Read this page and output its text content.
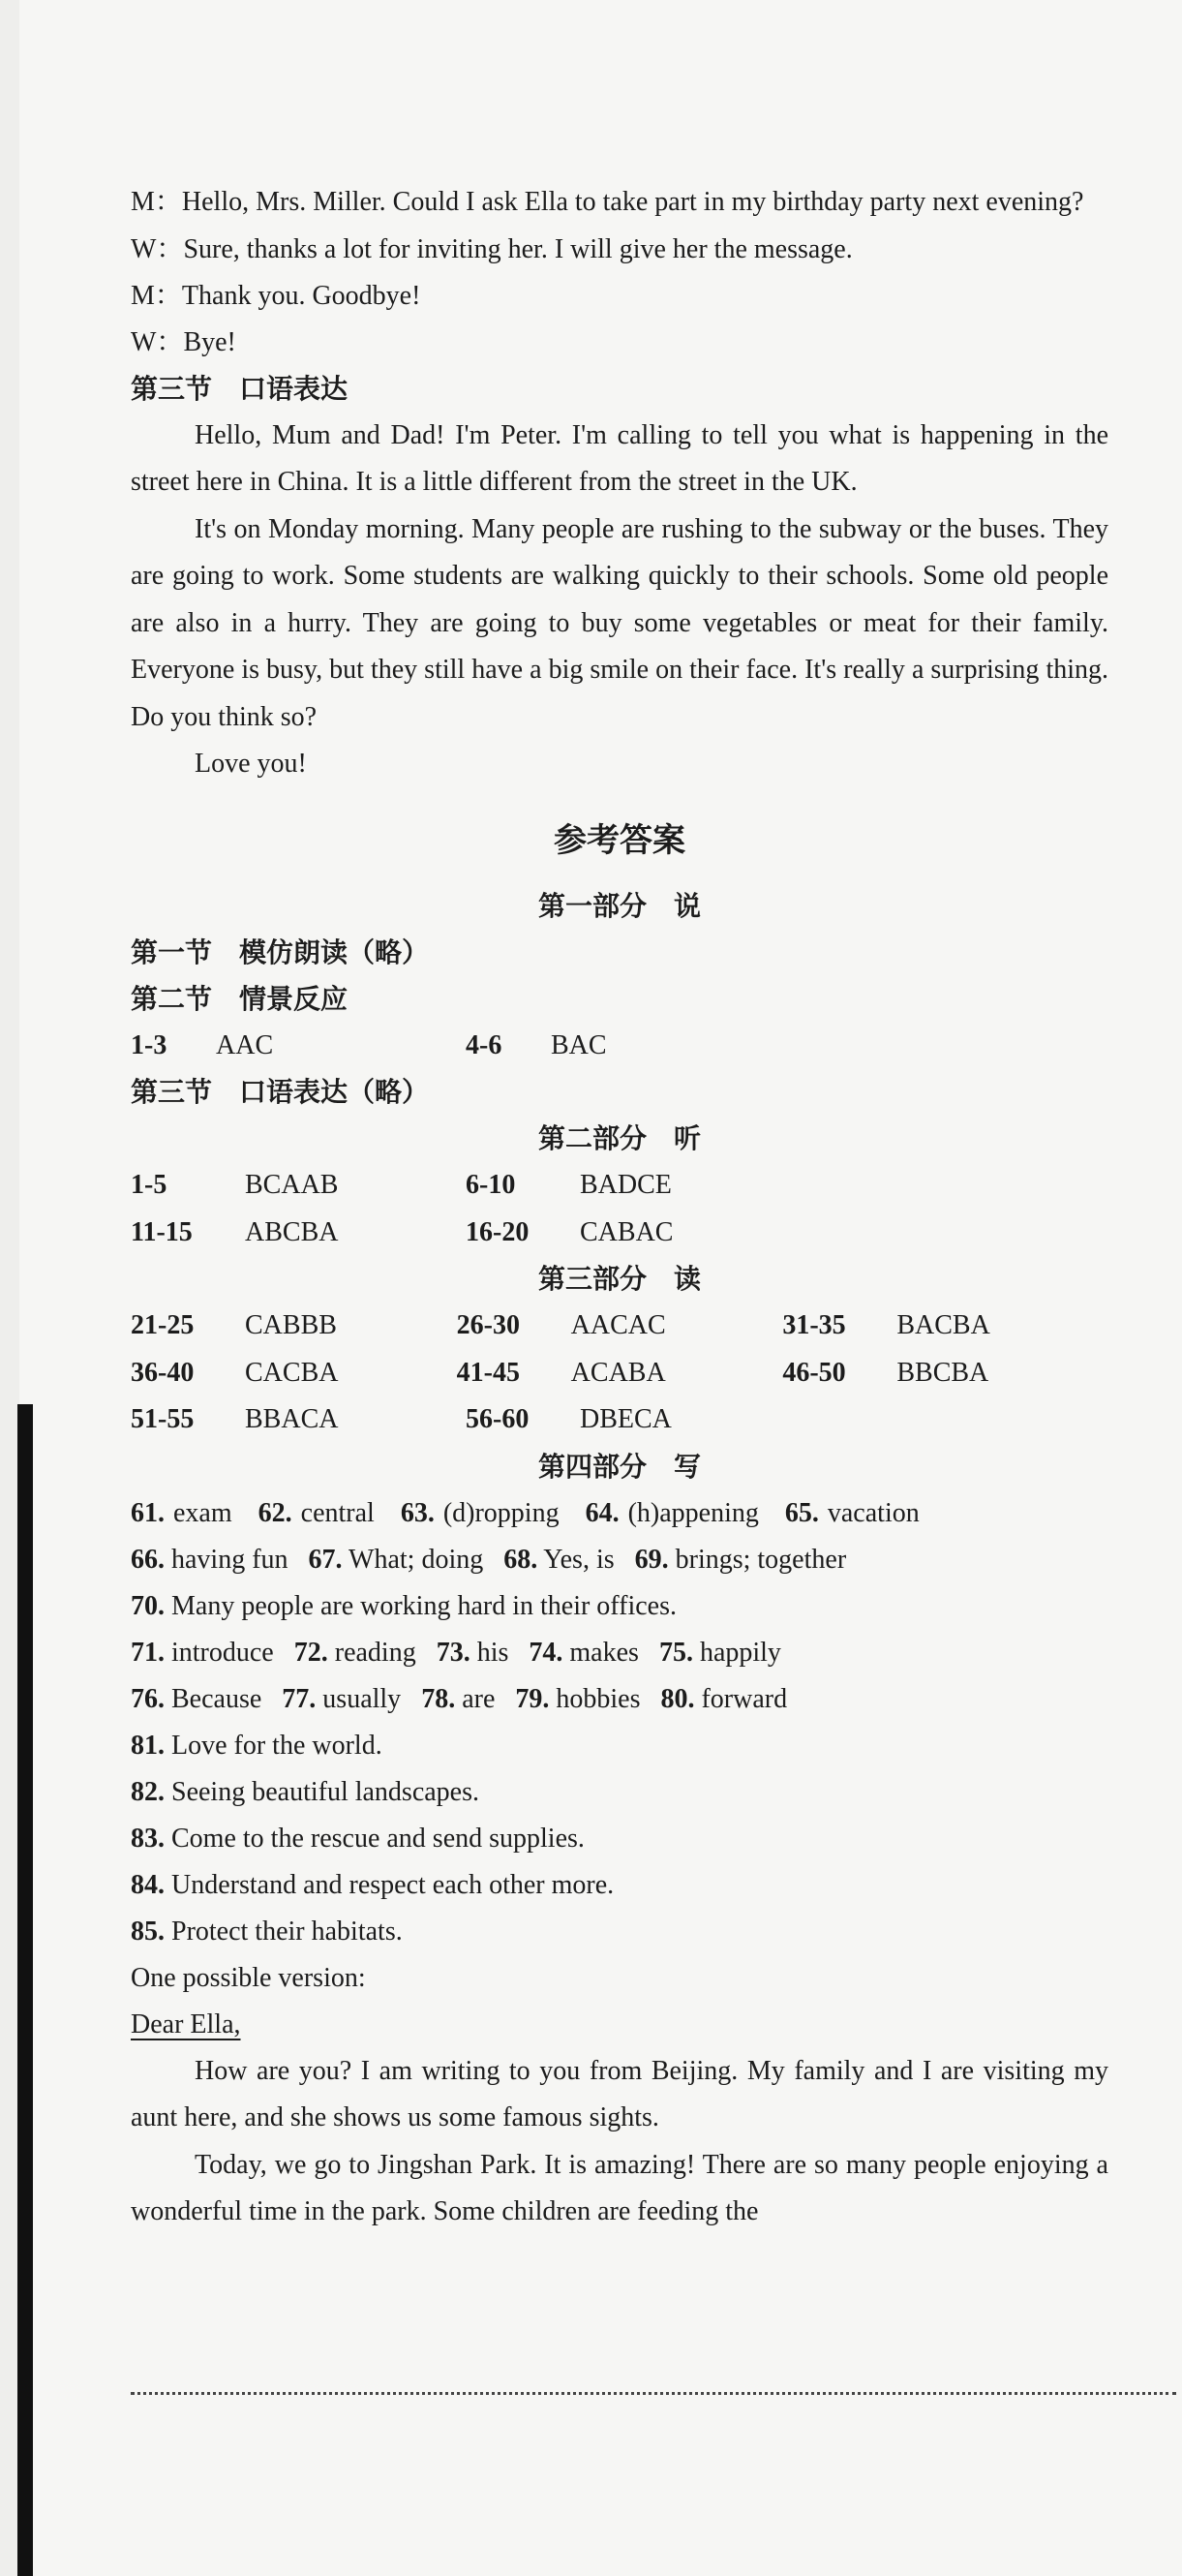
M：Hello, Mrs. Miller. Could I ask Ella to take part in my birthday party next evening?

W：Sure, thanks a lot for inviting her. I will give her the message.

M：Thank you. Goodbye!

W：Bye!

第三节　口语表达

Hello, Mum and Dad! I'm Peter. I'm calling to tell you what is happening in the street here in China. It is a little different from the street in the UK.

It's on Monday morning. Many people are rushing to the subway or the buses. They are going to work. Some students are walking quickly to their schools. Some old people are also in a hurry. They are going to buy some vegetables or meat for their family. Everyone is busy, but they still have a big smile on their face. It's really a surprising thing. Do you think so?

Love you!

参考答案

第一部分　说

第一节　模仿朗读（略）

第二节　情景反应

1-3 AAC	4-6 BAC

第三节　口语表达（略）

第二部分　听

1-5	BCAAB	6-10 BADCE
11-15 ABCBA	16-20 CABAC

第三部分　读

21-25 CABBB	26-30 AACAC	31-35 BACBA
36-40 CACBA	41-45 ACABA	46-50 BBCBA
51-55 BBACA	56-60 DBECA

第四部分　写

61. exam 62. central 63. (d)ropping 64. (h)appening 65. vacation

66. having fun 67. What; doing 68. Yes, is 69. brings; together

70. Many people are working hard in their offices.

71. introduce 72. reading 73. his 74. makes 75. happily

76. Because 77. usually 78. are 79. hobbies 80. forward

81. Love for the world.

82. Seeing beautiful landscapes.

83. Come to the rescue and send supplies.

84. Understand and respect each other more.

85. Protect their habitats.

One possible version:

Dear Ella,

How are you? I am writing to you from Beijing. My family and I are visiting my aunt here, and she shows us some famous sights.

Today, we go to Jingshan Park. It is amazing! There are so many people enjoying a wonderful time in the park. Some children are feeding the
